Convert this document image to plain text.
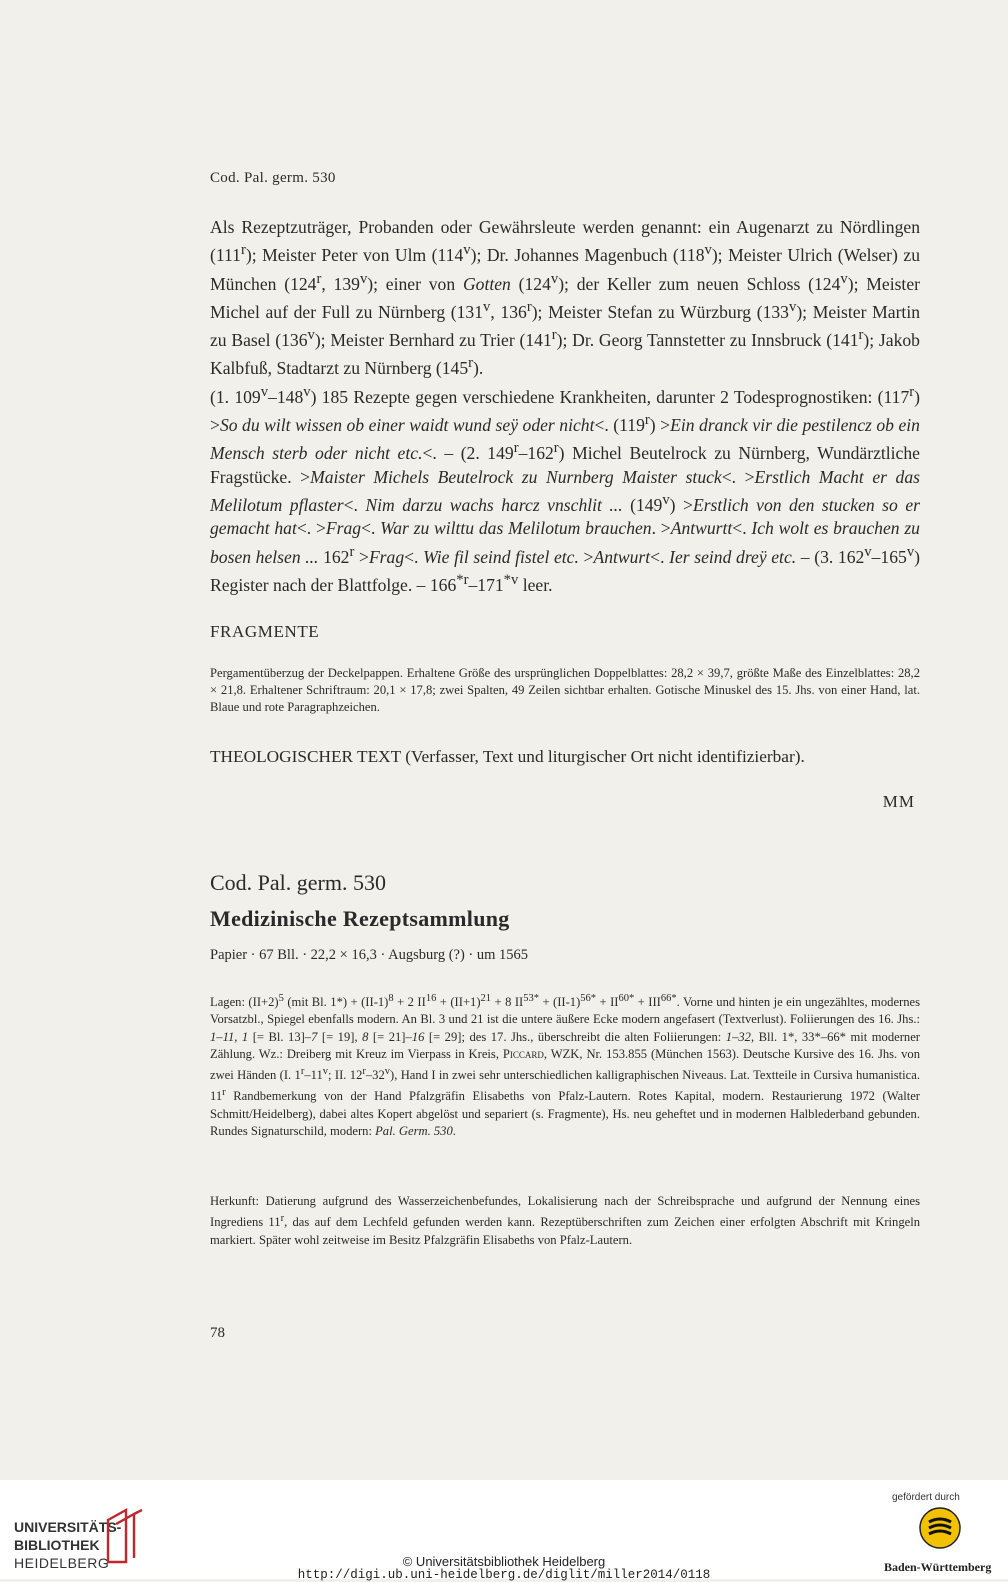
Cod. Pal. germ. 530
Als Rezeptzuträger, Probanden oder Gewährsleute werden genannt: ein Augenarzt zu Nördlingen (111$^r$); Meister Peter von Ulm (114$^v$); Dr. Johannes Magenbuch (118$^v$); Meister Ulrich (Welser) zu München (124$^r$, 139$^v$); einer von Gotten (124$^v$); der Keller zum neuen Schloss (124$^v$); Meister Michel auf der Full zu Nürnberg (131$^v$, 136$^r$); Meister Stefan zu Würzburg (133$^v$); Meister Martin zu Basel (136$^v$); Meister Bernhard zu Trier (141$^r$); Dr. Georg Tannstetter zu Innsbruck (141$^r$); Jakob Kalbfuß, Stadtarzt zu Nürnberg (145$^r$).
(1. 109$^v$–148$^v$) 185 Rezepte gegen verschiedene Krankheiten, darunter 2 Todesprognostiken: $(117^r) >So$ du wilt wissen ob einer waidt wund seÿ oder nicht<. $(119^r) >Ein$ dranck vir die pestilencz ob ein Mensch sterb oder nicht etc.<. – (2. 149$^r$–162$^r$) Michel Beutelrock zu Nürnberg, Wundärztliche Fragstücke. >Maister Michels Beutelrock zu Nurnberg Maister stuck<. >Erstlich Macht er das Melilotum pflaster<. Nim darzu wachs harcz vnschlit ... $(149^v)$ >Erstlich von den stucken so er gemacht hat<. >Frag<. War zu wilttu das Melilotum brauchen. >Antwurtt<. Ich wolt es brauchen zu bosen helsen ... $162^r$ >Frag<. Wie fil seind fistel etc. >Antwurt<. Ier seind dreÿ etc. – (3. 162$^v$–165$^v$) Register nach der Blattfolge. – 166$^{*r}$–171$^{*v}$ leer.
FRAGMENTE
Pergamentüberzug der Deckelpappen. Erhaltene Größe des ursprünglichen Doppelblattes: 28,2 × 39,7, größte Maße des Einzelblattes: 28,2 × 21,8. Erhaltener Schriftraum: 20,1 × 17,8; zwei Spalten, 49 Zeilen sichtbar erhalten. Gotische Minuskel des 15. Jhs. von einer Hand, lat. Blaue und rote Paragraphzeichen.
THEOLOGISCHER TEXT (Verfasser, Text und liturgischer Ort nicht identifizierbar).
MM
Cod. Pal. germ. 530
Medizinische Rezeptsammlung
Papier · 67 Bll. · 22,2 × 16,3 · Augsburg (?) · um 1565
Lagen: $(II+2)^5$ (mit Bl. $1*) + (II-1)^8 + 2$ $II^{16} + (II+1)^{21} + 8$ $II^{53*} + (II-1)^{56*} + II^{60*} + III^{66*}$. Vorne und hinten je ein ungezähltes, modernes Vorsatzbl., Spiegel ebenfalls modern. An Bl. 3 und 21 ist die untere äußere Ecke modern angefasert (Textverlust). Foliierungen des 16. Jhs.: 1–11, 1 [= Bl. 13]–7 [= 19], 8 [= 21]–16 [= 29]; des 17. Jhs., überschreibt die alten Foliierungen: 1–32, Bll. 1*, 33*–66* mit moderner Zählung. Wz.: Dreiberg mit Kreuz im Vierpass in Kreis, Piccard, WZK, Nr. 153.855 (München 1563). Deutsche Kursive des 16. Jhs. von zwei Händen (I. 1$^r$–11$^v$; II. 12$^r$–32$^v$), Hand I in zwei sehr unterschiedlichen kalligraphischen Niveaus. Lat. Textteile in Cursiva humanistica. 11$^r$ Randbemerkung von der Hand Pfalzgräfin Elisabeths von Pfalz-Lautern. Rotes Kapital, modern. Restaurierung 1972 (Walter Schmitt/Heidelberg), dabei altes Kopert abgelöst und separiert (s. Fragmente), Hs. neu geheftet und in modernen Halblederband gebunden. Rundes Signaturschild, modern: Pal. Germ. 530.
Herkunft: Datierung aufgrund des Wasserzeichenbefundes, Lokalisierung nach der Schreibsprache und aufgrund der Nennung eines Ingrediens 11$^r$, das auf dem Lechfeld gefunden werden kann. Rezeptüberschriften zum Zeichen einer erfolgten Abschrift mit Kringeln markiert. Später wohl zeitweise im Besitz Pfalzgräfin Elisabeths von Pfalz-Lautern.
78
UNIVERSITÄTS-
BIBLIOTHEK
HEIDELBERG	© Universitätsbibliothek Heidelberg
http://digi.ub.uni-heidelberg.de/diglit/miller2014/0118
gefördert durch
Baden-Württemberg
